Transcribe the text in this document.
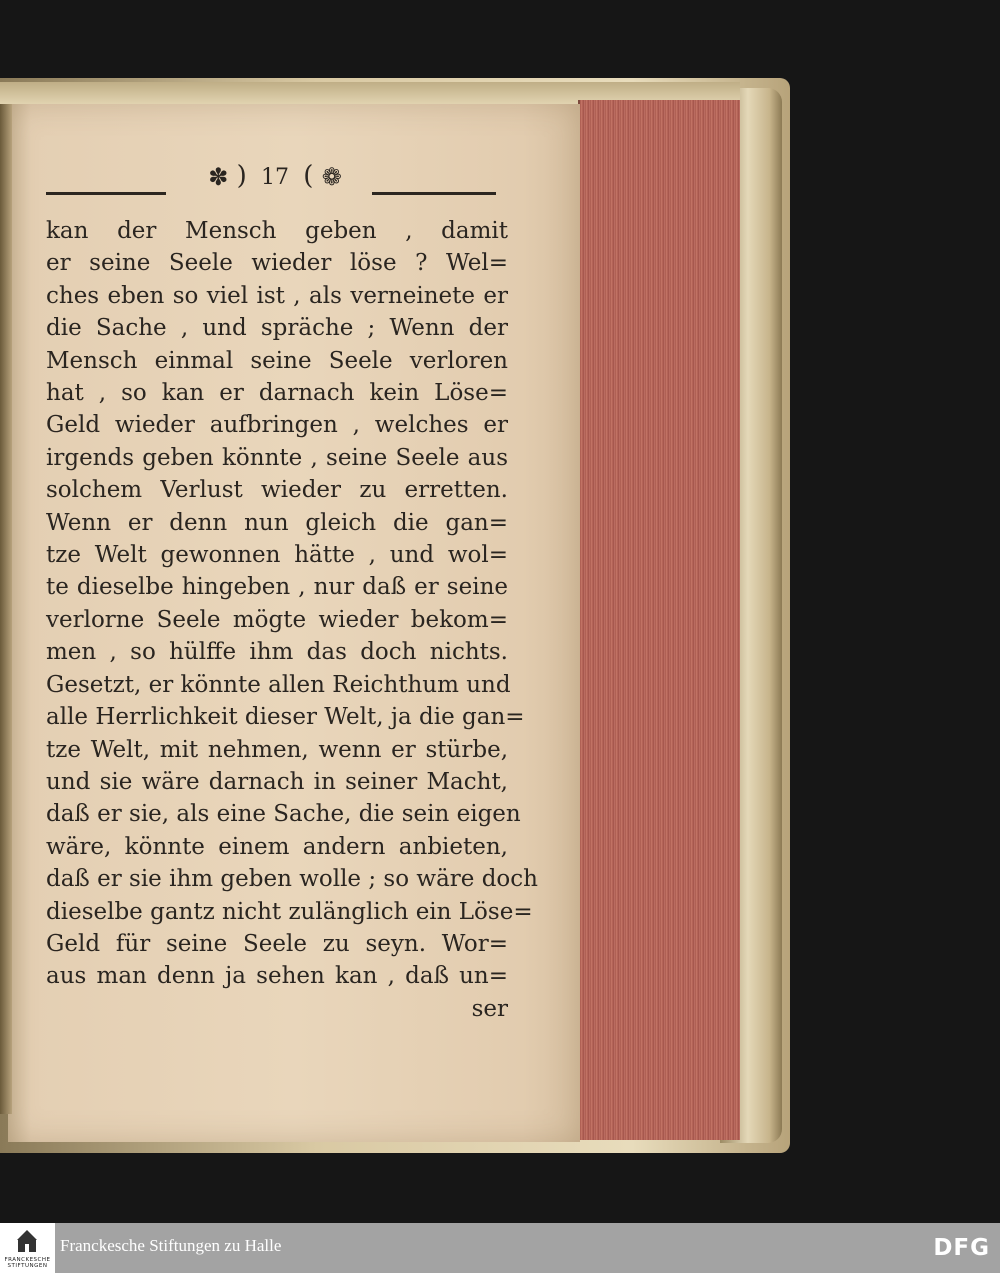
✽ ) 17 ( ❁
kan der Mensch geben , damit
er seine Seele wieder löse ? Wel=
ches eben so viel ist , als verneinete er
die Sache , und spräche ; Wenn der
Mensch einmal seine Seele verloren
hat , so kan er darnach kein Löse=
Geld wieder aufbringen , welches er
irgends geben könnte , seine Seele aus
solchem Verlust wieder zu erretten.
Wenn er denn nun gleich die gan=
tze Welt gewonnen hätte , und wol=
te dieselbe hingeben , nur daß er seine
verlorne Seele mögte wieder bekom=
men , so hülffe ihm das doch nichts.
Gesetzt, er könnte allen Reichthum und
alle Herrlichkeit dieser Welt, ja die gan=
tze Welt, mit nehmen, wenn er stürbe,
und sie wäre darnach in seiner Macht,
daß er sie, als eine Sache, die sein eigen
wäre, könnte einem andern anbieten,
daß er sie ihm geben wolle ; so wäre doch
dieselbe gantz nicht zulänglich ein Löse=
Geld für seine Seele zu seyn. Wor=
aus man denn ja sehen kan , daß un=
ser
FRANCKESCHE STIFTUNGEN
Franckesche Stiftungen zu Halle	DFG
